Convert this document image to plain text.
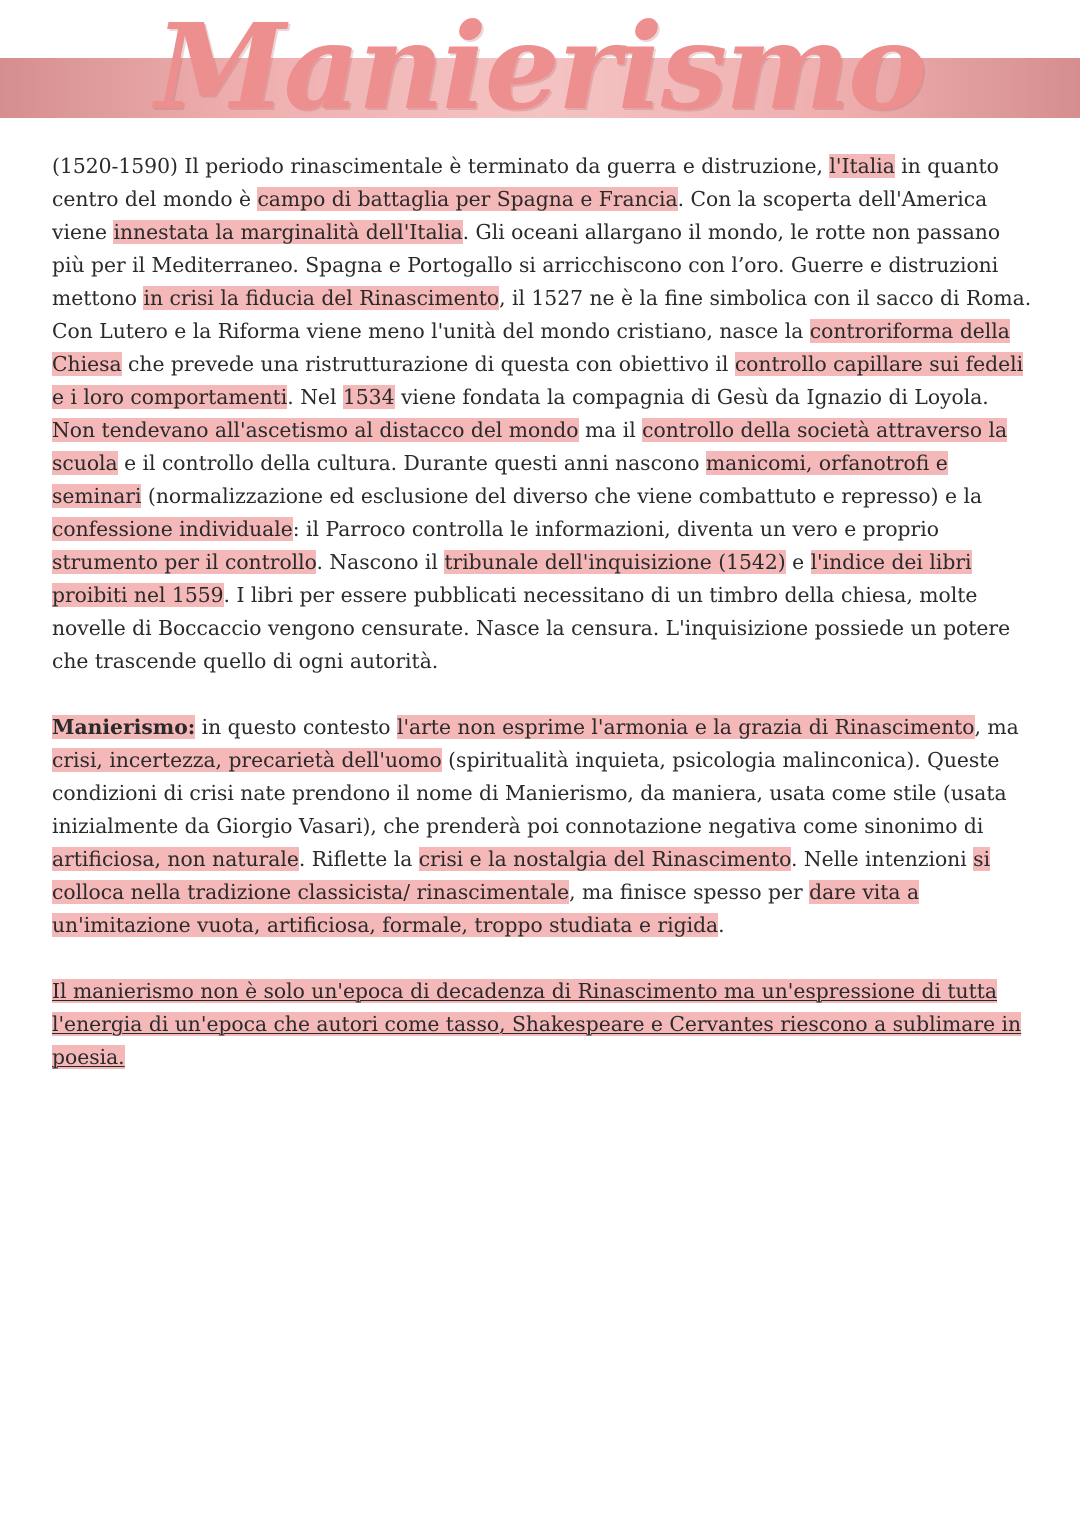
Manierismo

(1520-1590) Il periodo rinascimentale è terminato da guerra e distruzione, l'Italia in quanto centro del mondo è campo di battaglia per Spagna e Francia. Con la scoperta dell'America viene innestata la marginalità dell'Italia. Gli oceani allargano il mondo, le rotte non passano più per il Mediterraneo. Spagna e Portogallo si arricchiscono con l’oro. Guerre e distruzioni mettono in crisi la fiducia del Rinascimento, il 1527 ne è la fine simbolica con il sacco di Roma. Con Lutero e la Riforma viene meno l'unità del mondo cristiano, nasce la controriforma della Chiesa che prevede una ristrutturazione di questa con obiettivo il controllo capillare sui fedeli e i loro comportamenti. Nel 1534 viene fondata la compagnia di Gesù da Ignazio di Loyola. Non tendevano all'ascetismo al distacco del mondo ma il controllo della società attraverso la scuola e il controllo della cultura. Durante questi anni nascono manicomi, orfanotrofi e seminari (normalizzazione ed esclusione del diverso che viene combattuto e represso) e la confessione individuale: il Parroco controlla le informazioni, diventa un vero e proprio strumento per il controllo. Nascono il tribunale dell'inquisizione (1542) e l'indice dei libri proibiti nel 1559. I libri per essere pubblicati necessitano di un timbro della chiesa, molte novelle di Boccaccio vengono censurate. Nasce la censura. L'inquisizione possiede un potere che trascende quello di ogni autorità.

Manierismo: in questo contesto l'arte non esprime l'armonia e la grazia di Rinascimento, ma crisi, incertezza, precarietà dell'uomo (spiritualità inquieta, psicologia malinconica). Queste condizioni di crisi nate prendono il nome di Manierismo, da maniera, usata come stile (usata inizialmente da Giorgio Vasari), che prenderà poi connotazione negativa come sinonimo di artificiosa, non naturale. Riflette la crisi e la nostalgia del Rinascimento. Nelle intenzioni si colloca nella tradizione classicista/ rinascimentale, ma finisce spesso per dare vita a un'imitazione vuota, artificiosa, formale, troppo studiata e rigida.

Il manierismo non è solo un'epoca di decadenza di Rinascimento ma un'espressione di tutta l'energia di un'epoca che autori come tasso, Shakespeare e Cervantes riescono a sublimare in poesia.
